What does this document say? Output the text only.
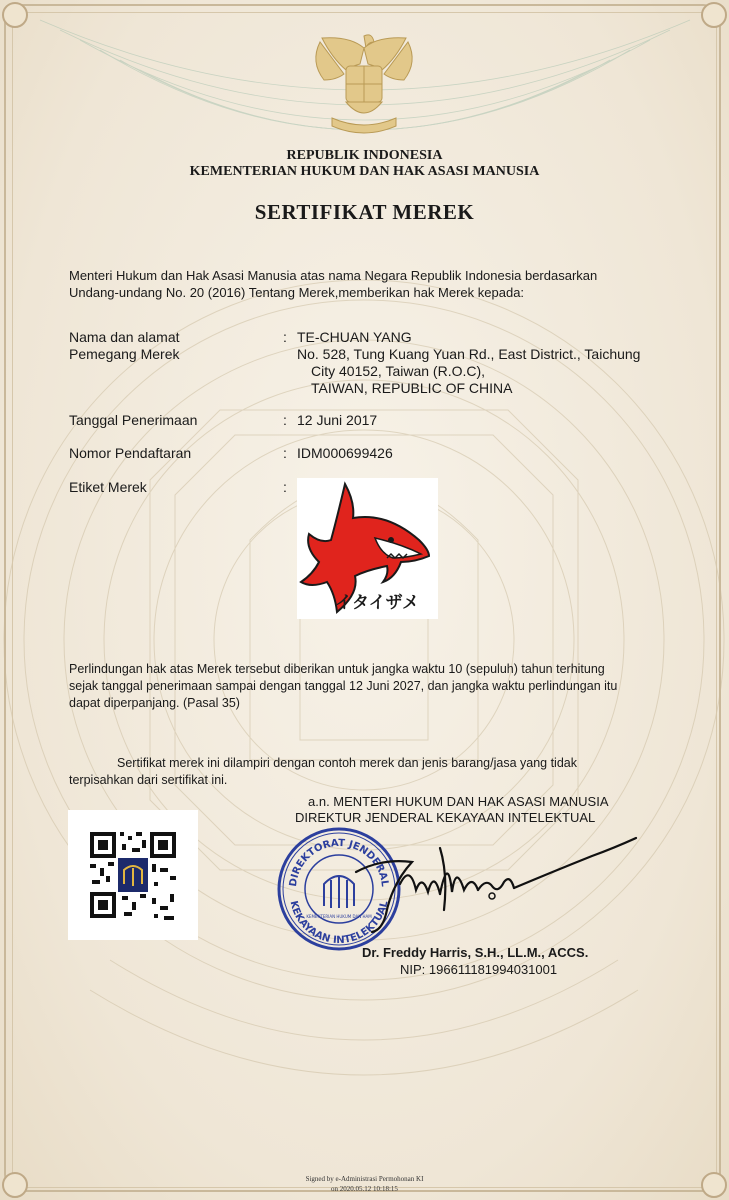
REPUBLIK INDONESIA
KEMENTERIAN HUKUM DAN HAK ASASI MANUSIA
SERTIFIKAT MEREK
Menteri Hukum dan Hak Asasi Manusia atas nama Negara Republik Indonesia berdasarkan
Undang-undang No. 20 (2016) Tentang Merek,memberikan hak Merek kepada:
Nama dan alamat
Pemegang Merek
: TE-CHUAN YANG
No. 528, Tung Kuang Yuan Rd., East District., Taichung
City 40152, Taiwan (R.O.C),
TAIWAN, REPUBLIC OF CHINA
Tanggal Penerimaan	: 12 Juni 2017
Nomor Pendaftaran	: IDM000699426
Etiket Merek	:
イタイザメ
Perlindungan hak atas Merek tersebut diberikan untuk jangka waktu 10 (sepuluh) tahun terhitung
sejak tanggal penerimaan sampai dengan tanggal 12 Juni 2027, dan jangka waktu perlindungan itu
dapat diperpanjang. (Pasal 35)
Sertifikat merek ini dilampiri dengan contoh merek dan jenis barang/jasa yang tidak
terpisahkan dari sertifikat ini.
a.n. MENTERI HUKUM DAN HAK ASASI MANUSIA
DIREKTUR JENDERAL KEKAYAAN INTELEKTUAL
DIREKTORAT JENDERAL
KEKAYAAN INTELEKTUAL
KEMENTERIAN HUKUM DAN HAM
Dr. Freddy Harris, S.H., LL.M., ACCS.
NIP: 196611181994031001
Signed by e-Administrasi Permohonan KI
on 2020.05.12 10:18:15
